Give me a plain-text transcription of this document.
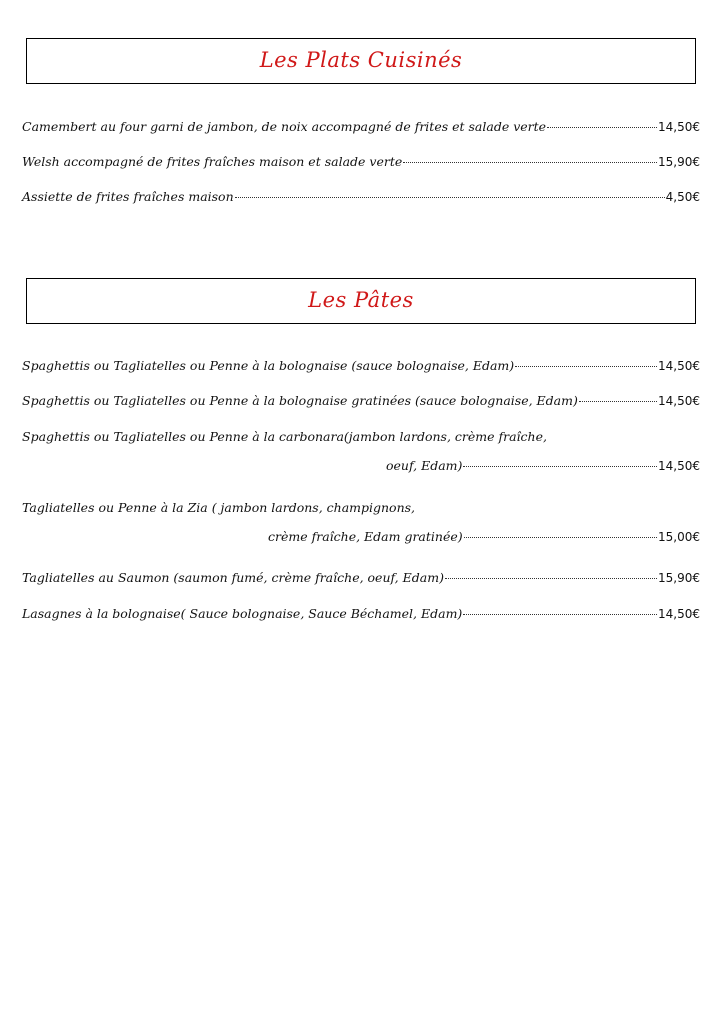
Les Plats Cuisinés
Camembert au four garni de jambon, de noix accompagné de frites et salade verte	14,50€
Welsh accompagné de frites fraîches maison et salade verte	15,90€
Assiette de frites fraîches maison	4,50€
Les Pâtes
Spaghettis ou Tagliatelles ou Penne à la bolognaise (sauce bolognaise, Edam)	14,50€
Spaghettis ou Tagliatelles ou Penne à la bolognaise gratinées (sauce bolognaise, Edam)	14,50€
Spaghettis ou Tagliatelles ou Penne à la carbonara(jambon lardons, crème fraîche,
oeuf, Edam)	14,50€
Tagliatelles ou Penne à la Zia ( jambon lardons, champignons,
crème fraîche, Edam gratinée)	15,00€
Tagliatelles au Saumon (saumon fumé, crème fraîche, oeuf, Edam)	15,90€
Lasagnes à la bolognaise( Sauce bolognaise, Sauce Béchamel, Edam)	14,50€
